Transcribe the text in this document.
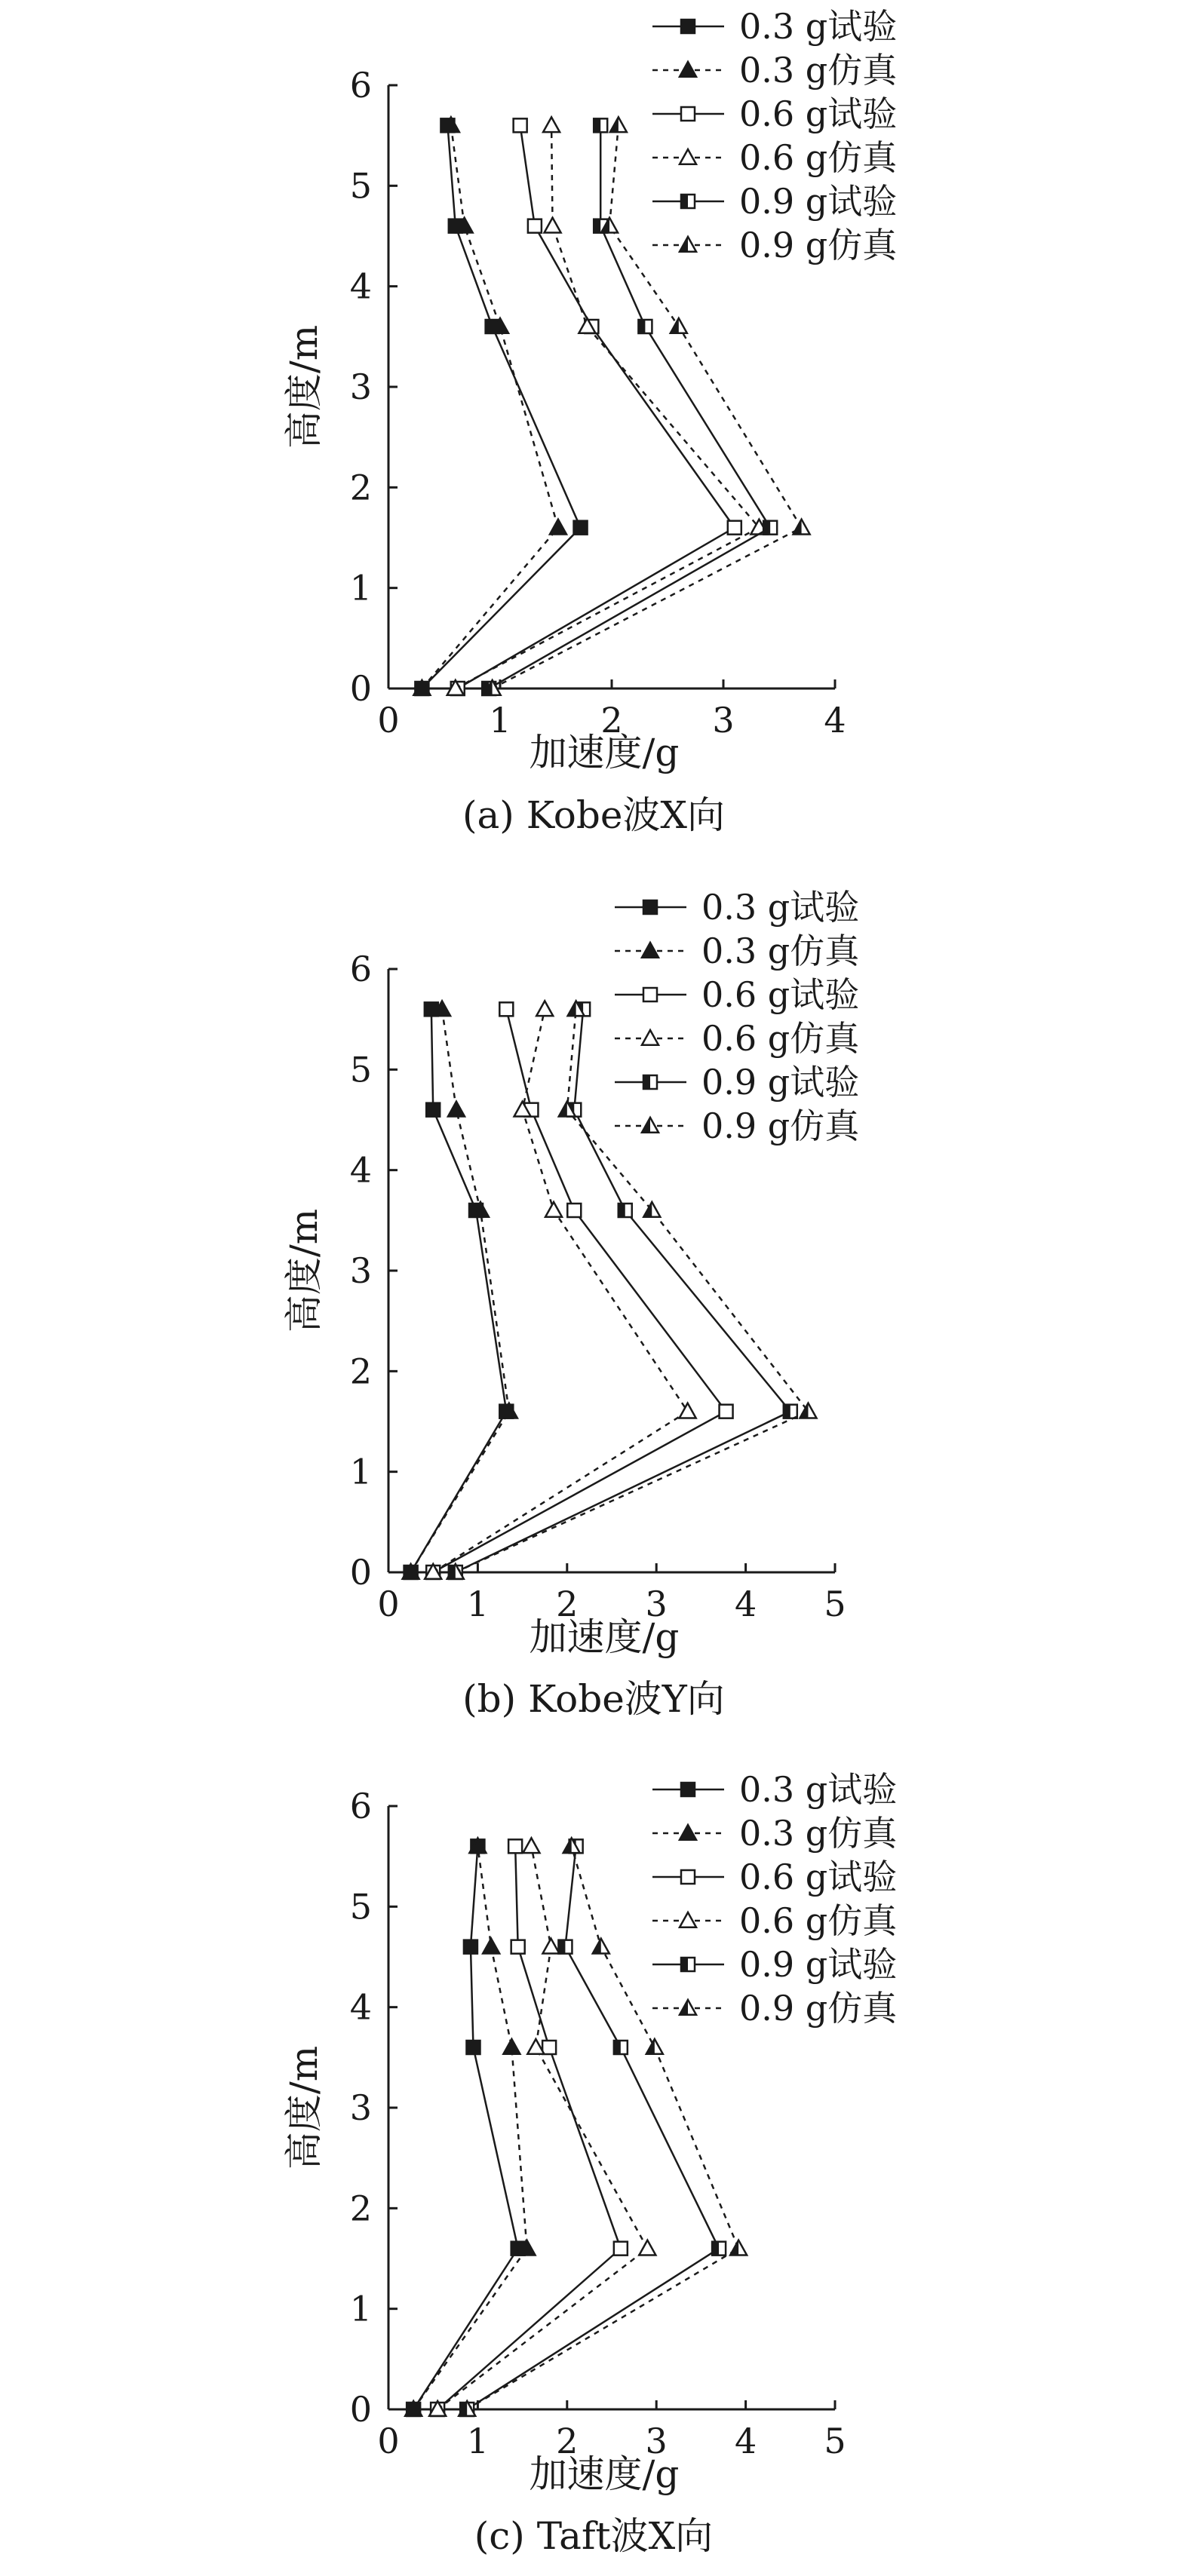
0	1	2	3	4
0
1
2
3
4
5
6
加速度/g
高度/m
(a) Kobe波X向
0.3 g试验
0.3 g仿真
0.6 g试验
0.6 g仿真
0.9 g试验
0.9 g仿真
0 1 2 3 4 5
0
1
2
3
4
5
6
加速度/g
高度/m
(b) Kobe波Y向
0.3 g试验
0.3 g仿真
0.6 g试验
0.6 g仿真
0.9 g试验
0.9 g仿真
0 1 2 3 4 5
0
1
2
3
4
5
6
加速度/g
高度/m
(c) Taft波X向
0.3 g试验
0.3 g仿真
0.6 g试验
0.6 g仿真
0.9 g试验
0.9 g仿真
